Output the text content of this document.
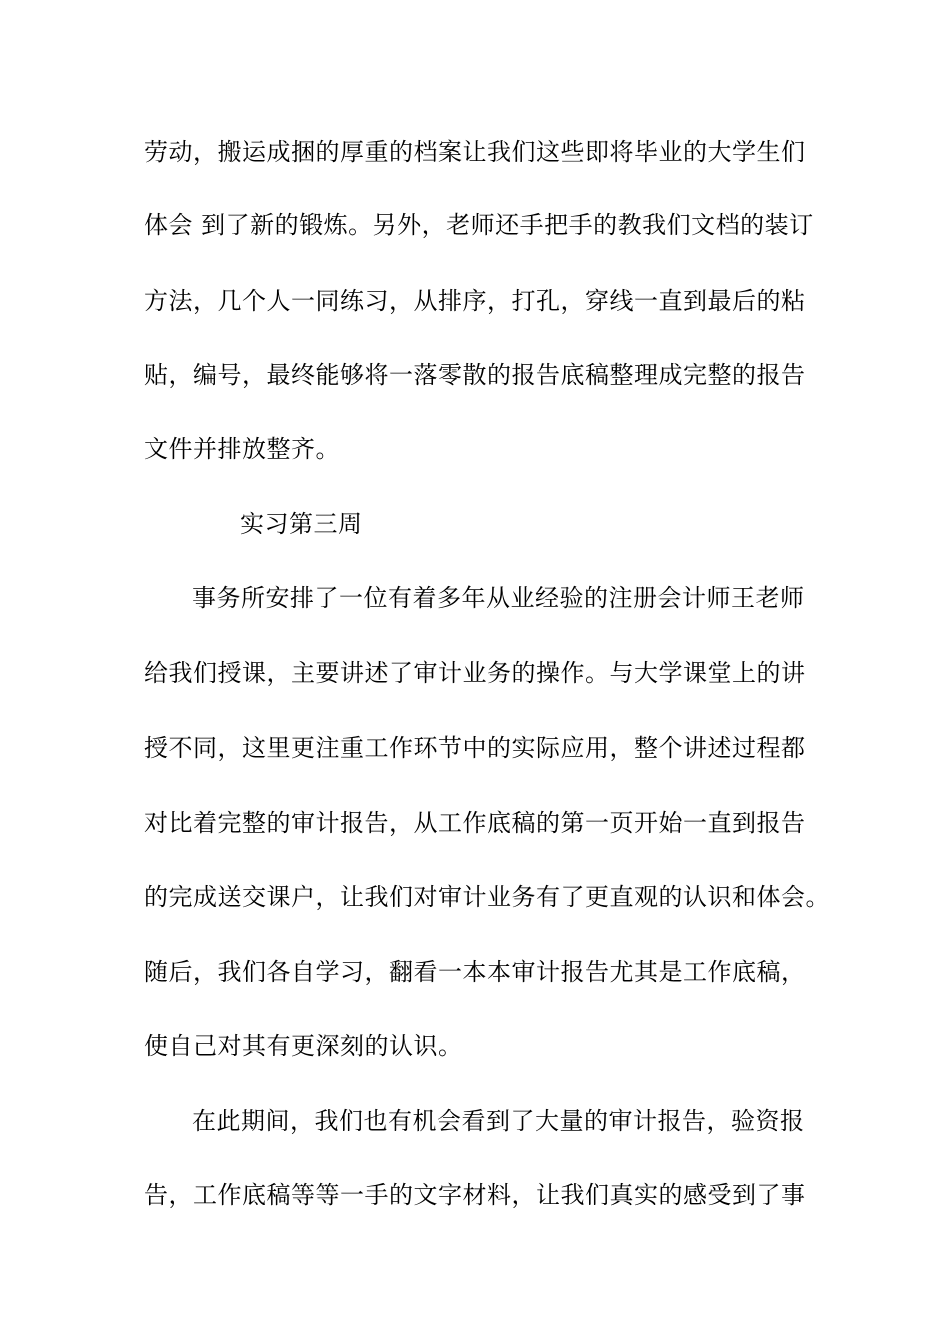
劳动，搬运成捆的厚重的档案让我们这些即将毕业的大学生们
体会 到了新的锻炼。另外，老师还手把手的教我们文档的装订
方法，几个人一同练习，从排序，打孔，穿线一直到最后的粘
贴，编号，最终能够将一落零散的报告底稿整理成完整的报告
文件并排放整齐。
实习第三周
事务所安排了一位有着多年从业经验的注册会计师王老师
给我们授课，主要讲述了审计业务的操作。与大学课堂上的讲
授不同，这里更注重工作环节中的实际应用，整个讲述过程都
对比着完整的审计报告，从工作底稿的第一页开始一直到报告
的完成送交课户，让我们对审计业务有了更直观的认识和体会。
随后，我们各自学习，翻看一本本审计报告尤其是工作底稿，
使自己对其有更深刻的认识。
在此期间，我们也有机会看到了大量的审计报告，验资报
告，工作底稿等等一手的文字材料，让我们真实的感受到了事
